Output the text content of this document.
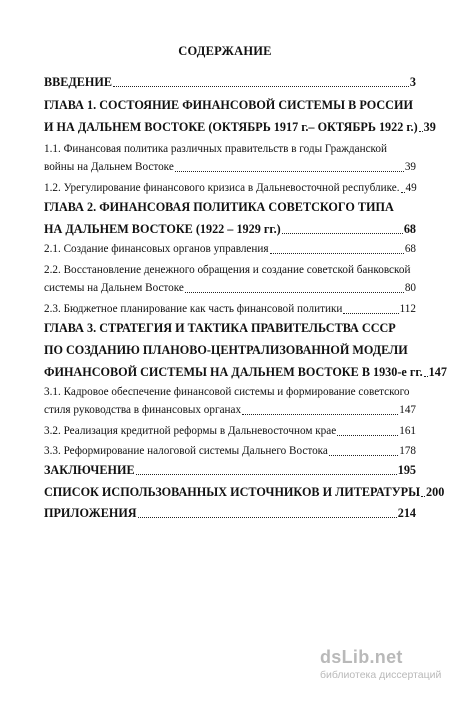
СОДЕРЖАНИЕ
ВВЕДЕНИЕ	3
ГЛАВА 1. СОСТОЯНИЕ ФИНАНСОВОЙ СИСТЕМЫ В РОССИИ
И НА ДАЛЬНЕМ ВОСТОКЕ (ОКТЯБРЬ 1917 г.– ОКТЯБРЬ 1922 г.) 39
1.1. Финансовая политика различных правительств в годы Гражданской
войны на Дальнем Востоке	39
1.2. Урегулирование финансового кризиса в Дальневосточной республике. 49
ГЛАВА 2. ФИНАНСОВАЯ ПОЛИТИКА СОВЕТСКОГО ТИПА
НА ДАЛЬНЕМ ВОСТОКЕ (1922 – 1929 гг.)	68
2.1. Создание финансовых органов управления	68
2.2. Восстановление денежного обращения и создание советской банковской
системы на Дальнем Востоке	80
2.3. Бюджетное планирование как часть финансовой политики	112
ГЛАВА 3. СТРАТЕГИЯ И ТАКТИКА ПРАВИТЕЛЬСТВА СССР
ПО СОЗДАНИЮ ПЛАНОВО-ЦЕНТРАЛИЗОВАННОЙ МОДЕЛИ
ФИНАНСОВОЙ СИСТЕМЫ НА ДАЛЬНЕМ ВОСТОКЕ В 1930-е гг. 147
3.1. Кадровое обеспечение финансовой системы и формирование советского
стиля руководства в финансовых органах	147
3.2. Реализация кредитной реформы в Дальневосточном крае	161
3.3. Реформирование налоговой системы Дальнего Востока	178
ЗАКЛЮЧЕНИЕ	195
СПИСОК ИСПОЛЬЗОВАННЫХ ИСТОЧНИКОВ И ЛИТЕРАТУРЫ 200
ПРИЛОЖЕНИЯ	214
dsLib.net
библиотека диссертаций
